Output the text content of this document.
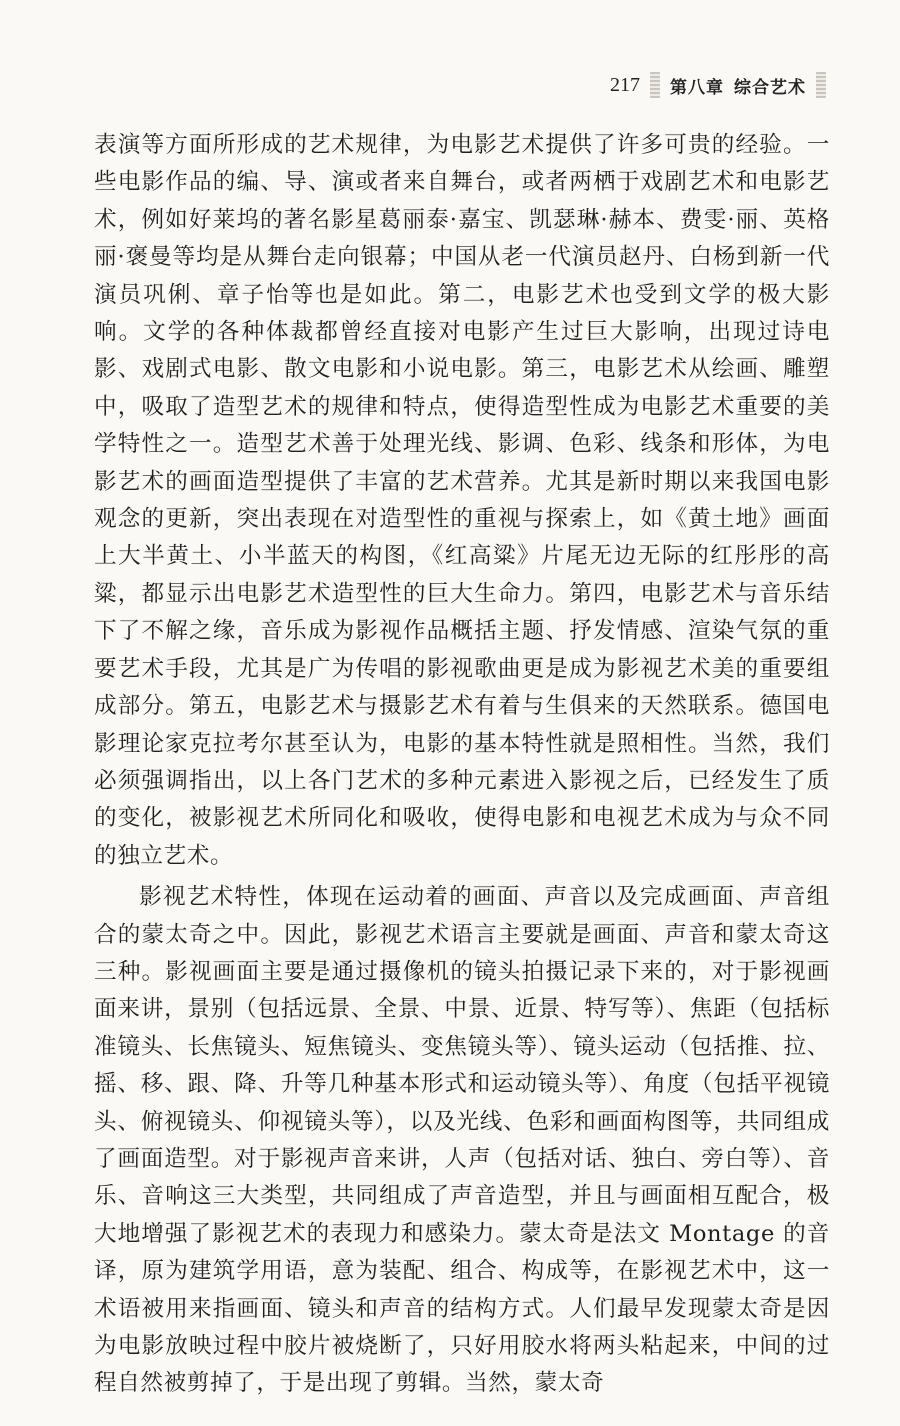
217 第八章 综合艺术

表演等方面所形成的艺术规律，为电影艺术提供了许多可贵的经验。一些电影作品的编、导、演或者来自舞台，或者两栖于戏剧艺术和电影艺术，例如好莱坞的著名影星葛丽泰·嘉宝、凯瑟琳·赫本、费雯·丽、英格丽·褒曼等均是从舞台走向银幕；中国从老一代演员赵丹、白杨到新一代演员巩俐、章子怡等也是如此。第二，电影艺术也受到文学的极大影响。文学的各种体裁都曾经直接对电影产生过巨大影响，出现过诗电影、戏剧式电影、散文电影和小说电影。第三，电影艺术从绘画、雕塑中，吸取了造型艺术的规律和特点，使得造型性成为电影艺术重要的美学特性之一。造型艺术善于处理光线、影调、色彩、线条和形体，为电影艺术的画面造型提供了丰富的艺术营养。尤其是新时期以来我国电影观念的更新，突出表现在对造型性的重视与探索上，如《黄土地》画面上大半黄土、小半蓝天的构图，《红高粱》片尾无边无际的红彤彤的高粱，都显示出电影艺术造型性的巨大生命力。第四，电影艺术与音乐结下了不解之缘，音乐成为影视作品概括主题、抒发情感、渲染气氛的重要艺术手段，尤其是广为传唱的影视歌曲更是成为影视艺术美的重要组成部分。第五，电影艺术与摄影艺术有着与生俱来的天然联系。德国电影理论家克拉考尔甚至认为，电影的基本特性就是照相性。当然，我们必须强调指出，以上各门艺术的多种元素进入影视之后，已经发生了质的变化，被影视艺术所同化和吸收，使得电影和电视艺术成为与众不同的独立艺术。

影视艺术特性，体现在运动着的画面、声音以及完成画面、声音组合的蒙太奇之中。因此，影视艺术语言主要就是画面、声音和蒙太奇这三种。影视画面主要是通过摄像机的镜头拍摄记录下来的，对于影视画面来讲，景别（包括远景、全景、中景、近景、特写等）、焦距（包括标准镜头、长焦镜头、短焦镜头、变焦镜头等）、镜头运动（包括推、拉、摇、移、跟、降、升等几种基本形式和运动镜头等）、角度（包括平视镜头、俯视镜头、仰视镜头等），以及光线、色彩和画面构图等，共同组成了画面造型。对于影视声音来讲，人声（包括对话、独白、旁白等）、音乐、音响这三大类型，共同组成了声音造型，并且与画面相互配合，极大地增强了影视艺术的表现力和感染力。蒙太奇是法文 Montage 的音译，原为建筑学用语，意为装配、组合、构成等，在影视艺术中，这一术语被用来指画面、镜头和声音的结构方式。人们最早发现蒙太奇是因为电影放映过程中胶片被烧断了，只好用胶水将两头粘起来，中间的过程自然被剪掉了，于是出现了剪辑。当然，蒙太奇
